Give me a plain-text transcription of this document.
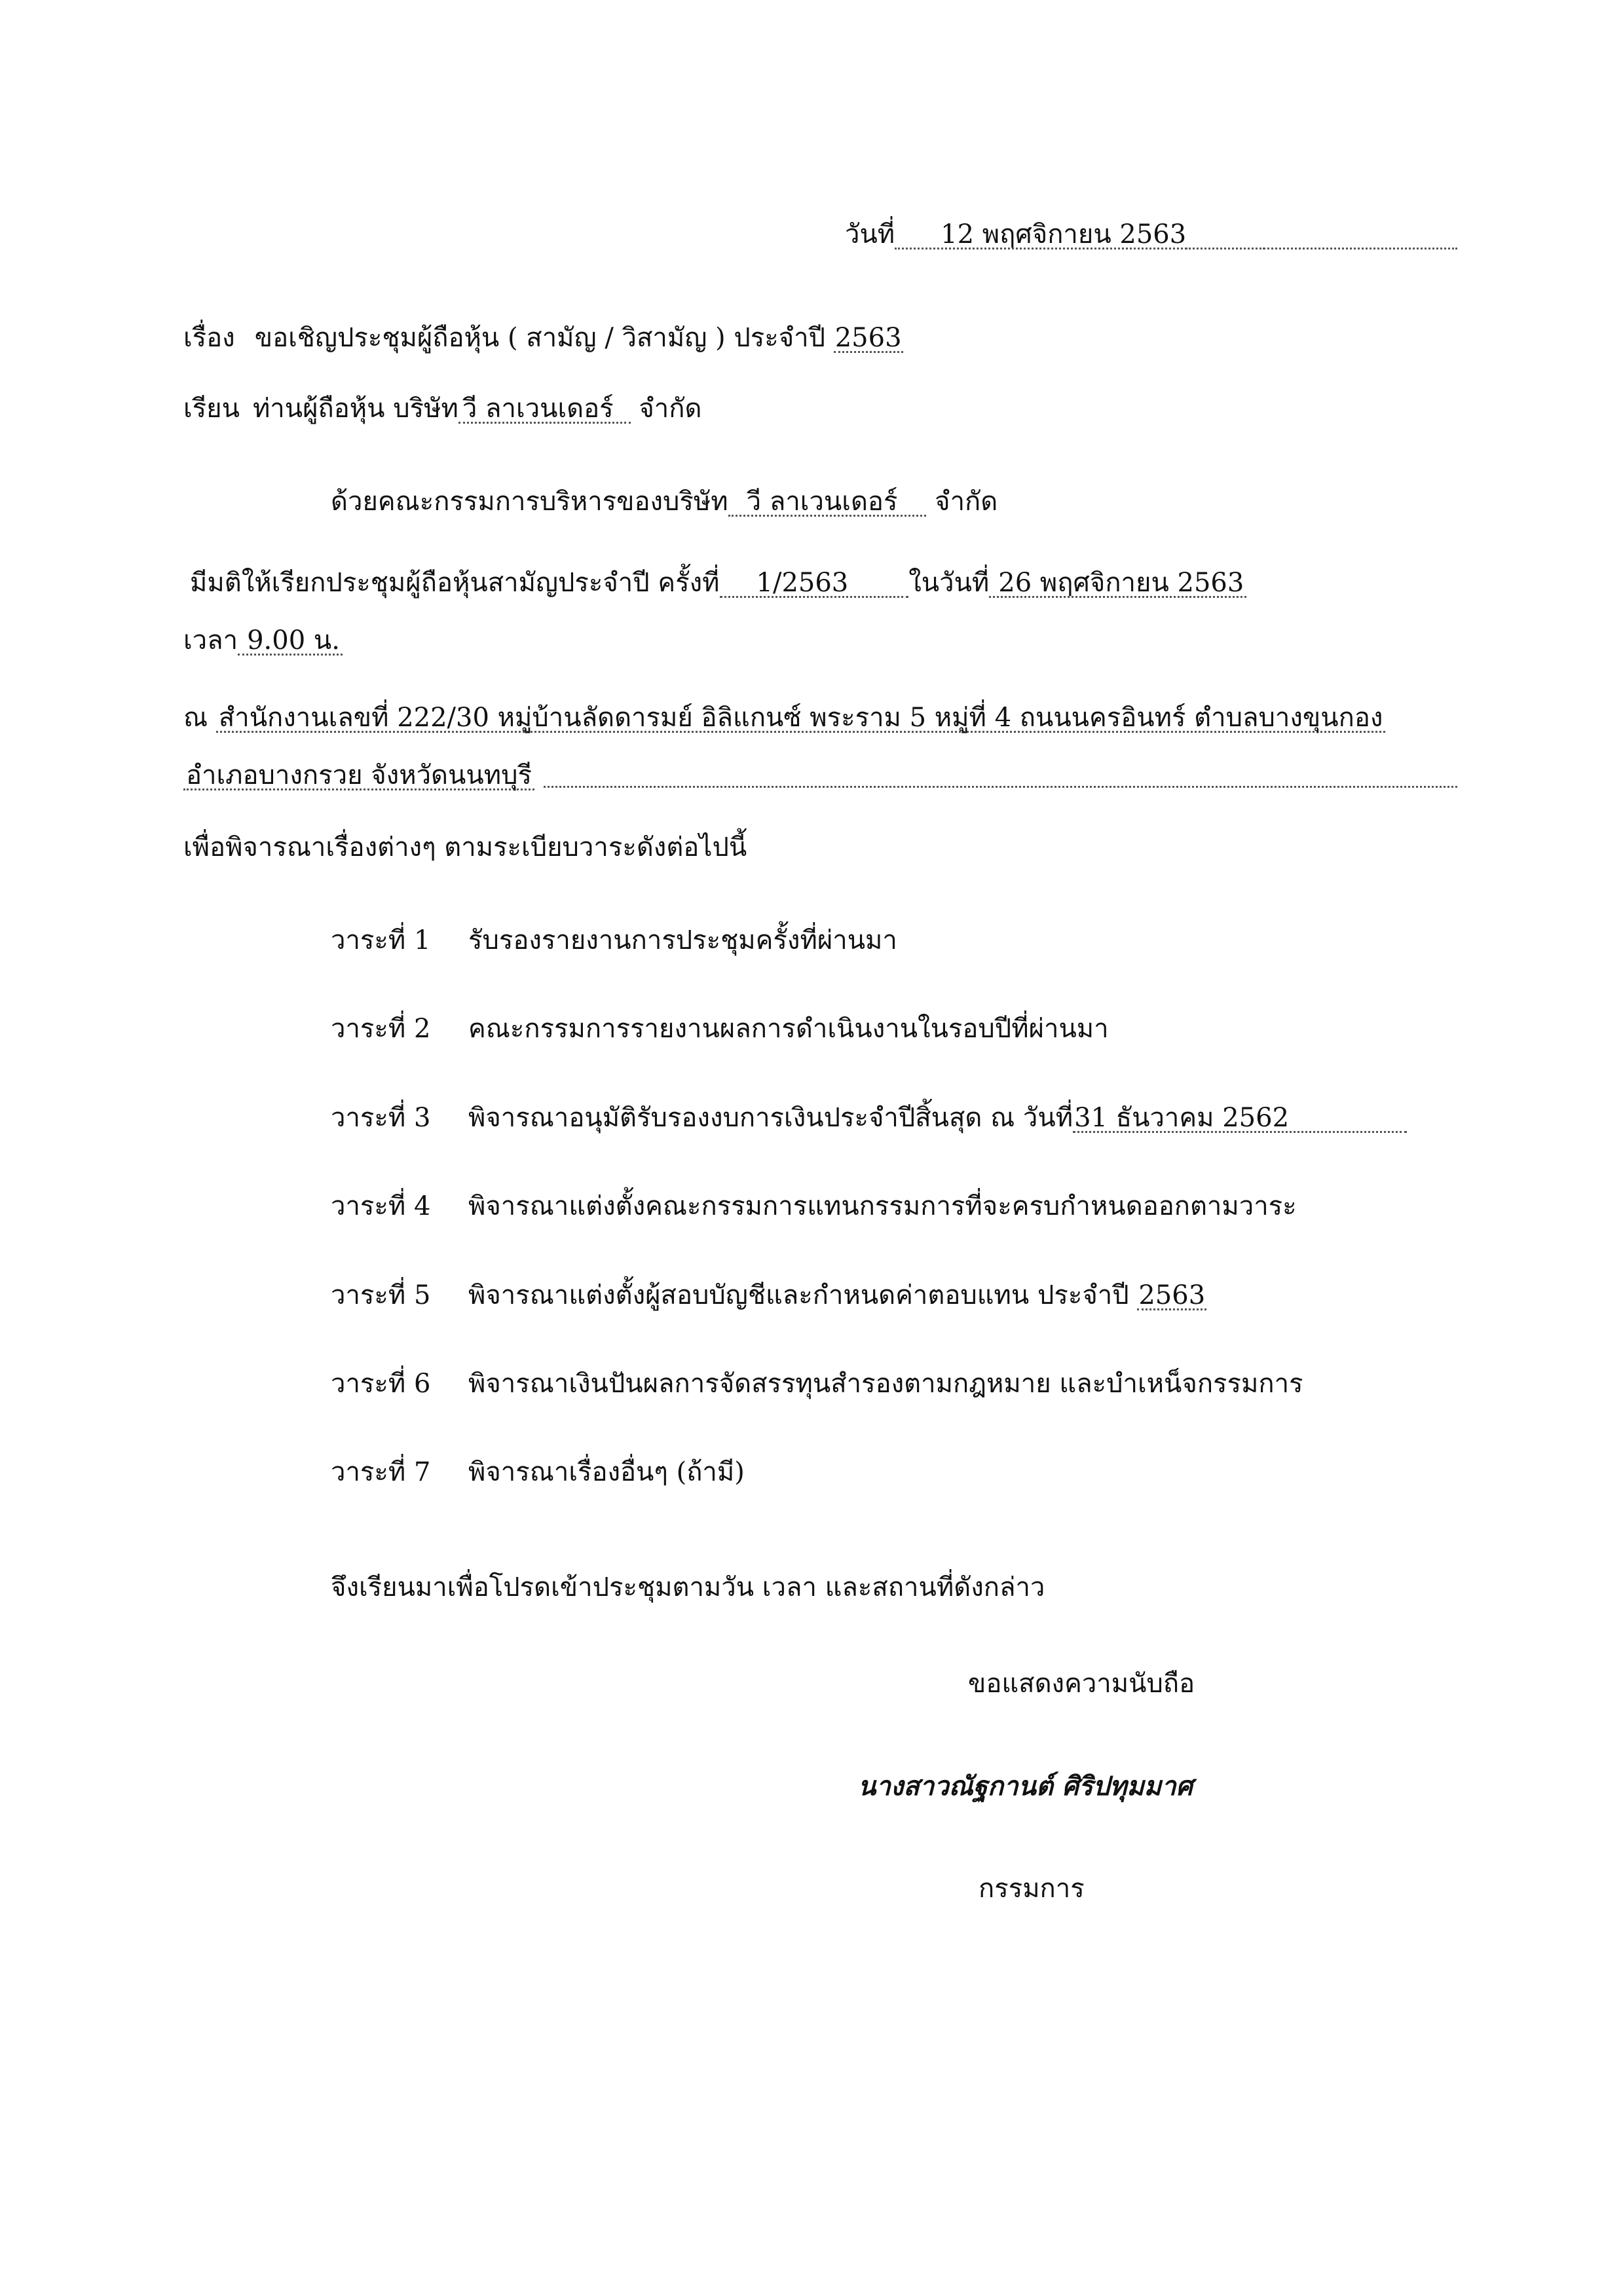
วันที่ 12 พฤศจิกายน 2563
เรื่อง ขอเชิญประชุมผู้ถือหุ้น ( สามัญ / วิสามัญ ) ประจำปี 2563
เรียน ท่านผู้ถือหุ้น บริษัท วี ลาเวนเดอร์ จำกัด
ด้วยคณะกรรมการบริหารของบริษัท วี ลาเวนเดอร์ จำกัด
มีมติให้เรียกประชุมผู้ถือหุ้นสามัญประจำปี ครั้งที่ 1/2563 ในวันที่ 26 พฤศจิกายน 2563
เวลา 9.00 น.
ณ สำนักงานเลขที่ 222/30 หมู่บ้านลัดดารมย์ อิลิแกนซ์ พระราม 5 หมู่ที่ 4 ถนนนครอินทร์ ตำบลบางขุนกอง
อำเภอบางกรวย จังหวัดนนทบุรี
เพื่อพิจารณาเรื่องต่างๆ ตามระเบียบวาระดังต่อไปนี้
วาระที่ 1 รับรองรายงานการประชุมครั้งที่ผ่านมา
วาระที่ 2 คณะกรรมการรายงานผลการดำเนินงานในรอบปีที่ผ่านมา
วาระที่ 3 พิจารณาอนุมัติรับรองงบการเงินประจำปีสิ้นสุด ณ วันที่31 ธันวาคม 2562
วาระที่ 4 พิจารณาแต่งตั้งคณะกรรมการแทนกรรมการที่จะครบกำหนดออกตามวาระ
วาระที่ 5 พิจารณาแต่งตั้งผู้สอบบัญชีและกำหนดค่าตอบแทน ประจำปี 2563
วาระที่ 6 พิจารณาเงินปันผลการจัดสรรทุนสำรองตามกฎหมาย และบำเหน็จกรรมการ
วาระที่ 7 พิจารณาเรื่องอื่นๆ (ถ้ามี)
จึงเรียนมาเพื่อโปรดเข้าประชุมตามวัน เวลา และสถานที่ดังกล่าว
ขอแสดงความนับถือ
นางสาวณัฐกานต์ ศิริปทุมมาศ
กรรมการ
